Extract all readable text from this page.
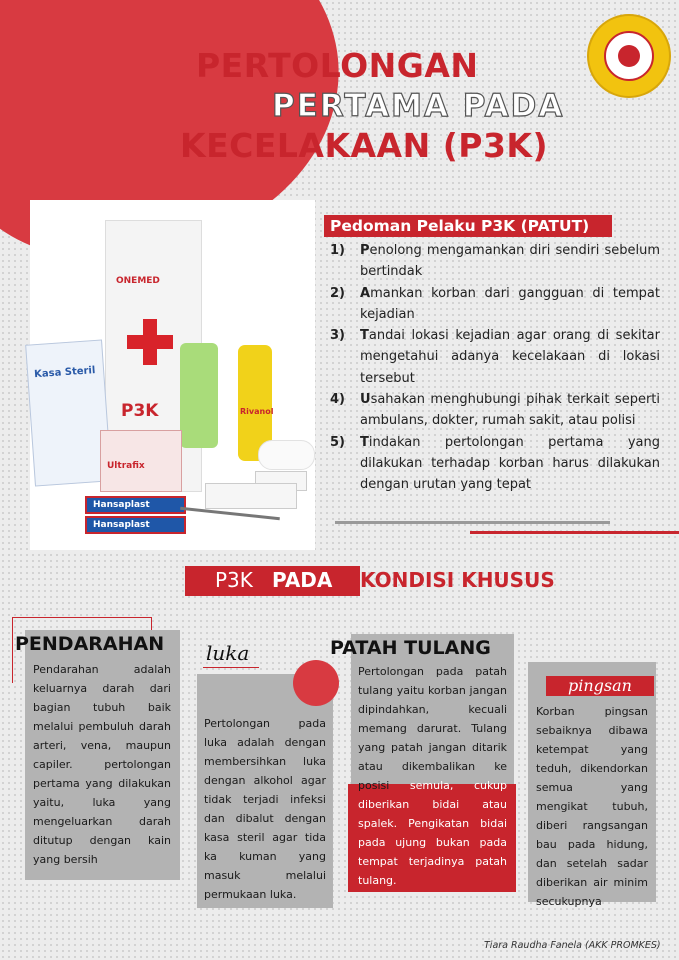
PERTOLONGAN
PERTAMA PADA
KECELAKAAN (P3K)
ONEMED
P3K
Kasa Steril
Rivanol
Ultrafix
Hansaplast
Hansaplast
Pedoman Pelaku P3K (PATUT)
1) Penolong mengamankan diri sendiri sebelum bertindak
2) Amankan korban dari gangguan di tempat kejadian
3) Tandai lokasi kejadian agar orang di sekitar mengetahui adanya kecelakaan di lokasi tersebut
4) Usahakan menghubungi pihak terkait seperti ambulans, dokter, rumah sakit, atau polisi
5) Tindakan pertolongan pertama yang dilakukan terhadap korban harus dilakukan dengan urutan yang tepat
P3K PADA KONDISI KHUSUS
Pendarahan adalah keluarnya darah dari bagian tubuh baik melalui pembuluh darah arteri, vena, maupun capiler. pertolongan pertama yang dilakukan yaitu, luka yang mengeluarkan darah ditutup dengan kain yang bersih
PENDARAHAN
Pertolongan pada luka adalah dengan membersihkan luka dengan alkohol agar tidak terjadi infeksi dan dibalut dengan kasa steril agar tida ka kuman yang masuk melalui permukaan luka.
luka
Pertolongan pada patah tulang yaitu korban jangan dipindahkan, kecuali memang darurat. Tulang yang patah jangan ditarik atau dikembalikan ke posisi semula, cukup diberikan bidai atau spalek. Pengikatan bidai pada ujung bukan pada tempat terjadinya patah tulang.
PATAH TULANG
Korban pingsan sebaiknya dibawa ketempat yang teduh, dikendorkan semua yang mengikat tubuh, diberi rangsangan bau pada hidung, dan setelah sadar diberikan air minim secukupnya
pingsan
Tiara Raudha Fanela (AKK PROMKES)
